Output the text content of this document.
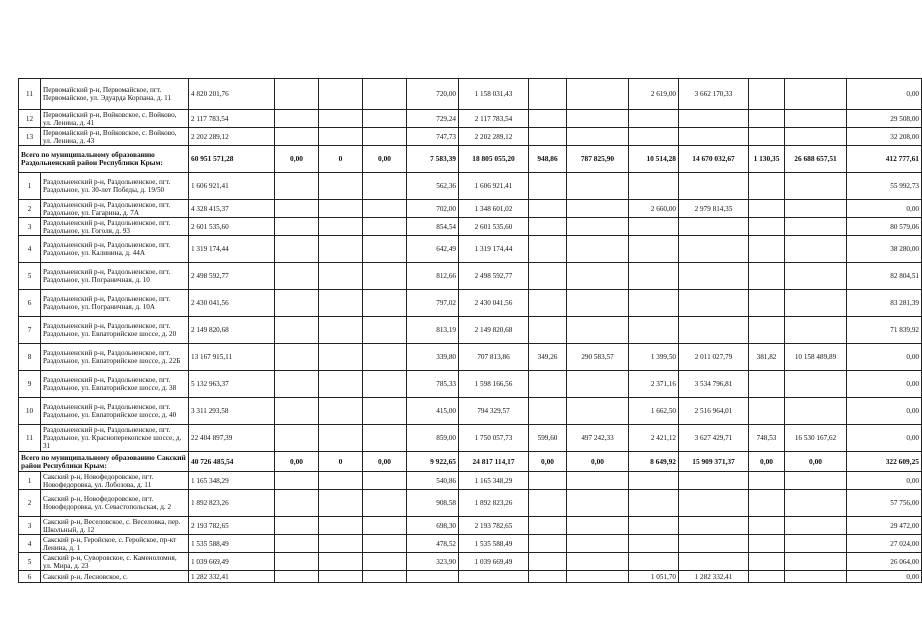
11	Первомайский р-н, Первомайское, пгт. Первомайское, ул. Эдуарда Корпана, д. 11	4 820 201,76				720,00	1 158 031,43			2 619,00	3 662 170,33			0,00
12	Первомайский р-н, Войковское, с. Войково, ул. Ленина, д. 41	2 117 783,54				729,24	2 117 783,54							29 508,00
13	Первомайский р-н, Войковское, с. Войково, ул. Ленина, д. 43	2 202 289,12				747,73	2 202 289,12							32 208,00
Всего по муниципальному образованию Раздольненский район Республики Крым:		60 951 571,28	0,00	0	0,00	7 583,39	18 805 055,20	948,86	787 825,90	10 514,28	14 670 032,67	1 130,35	26 688 657,51	412 777,61
1	Раздольненский р-н, Раздольненское, пгт. Раздольное, ул. 30-лет Победы, д. 19/50	1 606 921,41				562,36	1 606 921,41							55 992,73
2	Раздольненский р-н, Раздольненское, пгт. Раздольное, ул. Гагарина, д. 7А	4 328 415,37				702,00	1 348 601,02			2 660,00	2 979 814,35			0,00
3	Раздольненский р-н, Раздольненское, пгт. Раздольное, ул. Гоголя, д. 93	2 601 535,60				854,54	2 601 535,60							80 579,06
4	Раздольненский р-н, Раздольненское, пгт. Раздольное, ул. Калинина, д. 44А	1 319 174,44				642,49	1 319 174,44							38 280,00
5	Раздольненский р-н, Раздольненское, пгт. Раздольное, ул. Пограничная, д. 10	2 498 592,77				812,66	2 498 592,77							82 804,51
6	Раздольненский р-н, Раздольненское, пгт. Раздольное, ул. Пограничная, д. 10А	2 430 041,56				797,02	2 430 041,56							83 281,39
7	Раздольненский р-н, Раздольненское, пгт. Раздольное, ул. Евпаторийское шоссе, д. 20	2 149 820,68				813,19	2 149 820,68							71 839,92
8	Раздольненский р-н, Раздольненское, пгт. Раздольное, ул. Евпаторийское шоссе, д. 22Б	13 167 915,11				339,80	707 813,86	349,26	290 583,57	1 399,50	2 011 027,79	381,82	10 158 489,89	0,00
9	Раздольненский р-н, Раздольненское, пгт. Раздольное, ул. Евпаторийское шоссе, д. 38	5 132 963,37				785,33	1 598 166,56			2 371,16	3 534 796,81			0,00
10	Раздольненский р-н, Раздольненское, пгт. Раздольное, ул. Евпаторийское шоссе, д. 40	3 311 293,58				415,00	794 329,57			1 662,50	2 516 964,01			0,00
11	Раздольненский р-н, Раздольненское, пгт. Раздольное, ул. Краснoперекопское шоссе, д. 31	22 404 897,39				859,00	1 750 057,73	599,60	497 242,33	2 421,12	3 627 429,71	748,53	16 530 167,62	0,00
Всего по муниципальному образованию Сакский район Республики Крым:		40 726 485,54	0,00	0	0,00	9 922,65	24 817 114,17	0,00	0,00	8 649,92	15 909 371,37	0,00	0,00	322 609,25
1	Сакский р-н, Новофедоровское, пгт. Новофедоровка, ул. Лобозова, д. 11	1 165 348,29				540,86	1 165 348,29							0,00
2	Сакский р-н, Новофедоровское, пгт. Новофедоровка, ул. Севастопольская, д. 2	1 892 823,26				908,58	1 892 823,26							57 756,00
3	Сакский р-н, Веселовское, с. Веселовка, пер. Школьный, д. 12	2 193 782,65				698,30	2 193 782,65							29 472,00
4	Сакский р-н, Геройское, с. Геройское, пр-кт Ленина, д. 1	1 535 588,49				478,52	1 535 588,49							27 024,00
5	Сакский р-н, Суворовское, с. Каменоломня, ул. Мира, д. 23	1 039 669,49				323,90	1 039 669,49							26 064,00
6	Сакский р-н, Лесновское, с.	1 282 332,41								1 051,70	1 282 332,41			0,00
